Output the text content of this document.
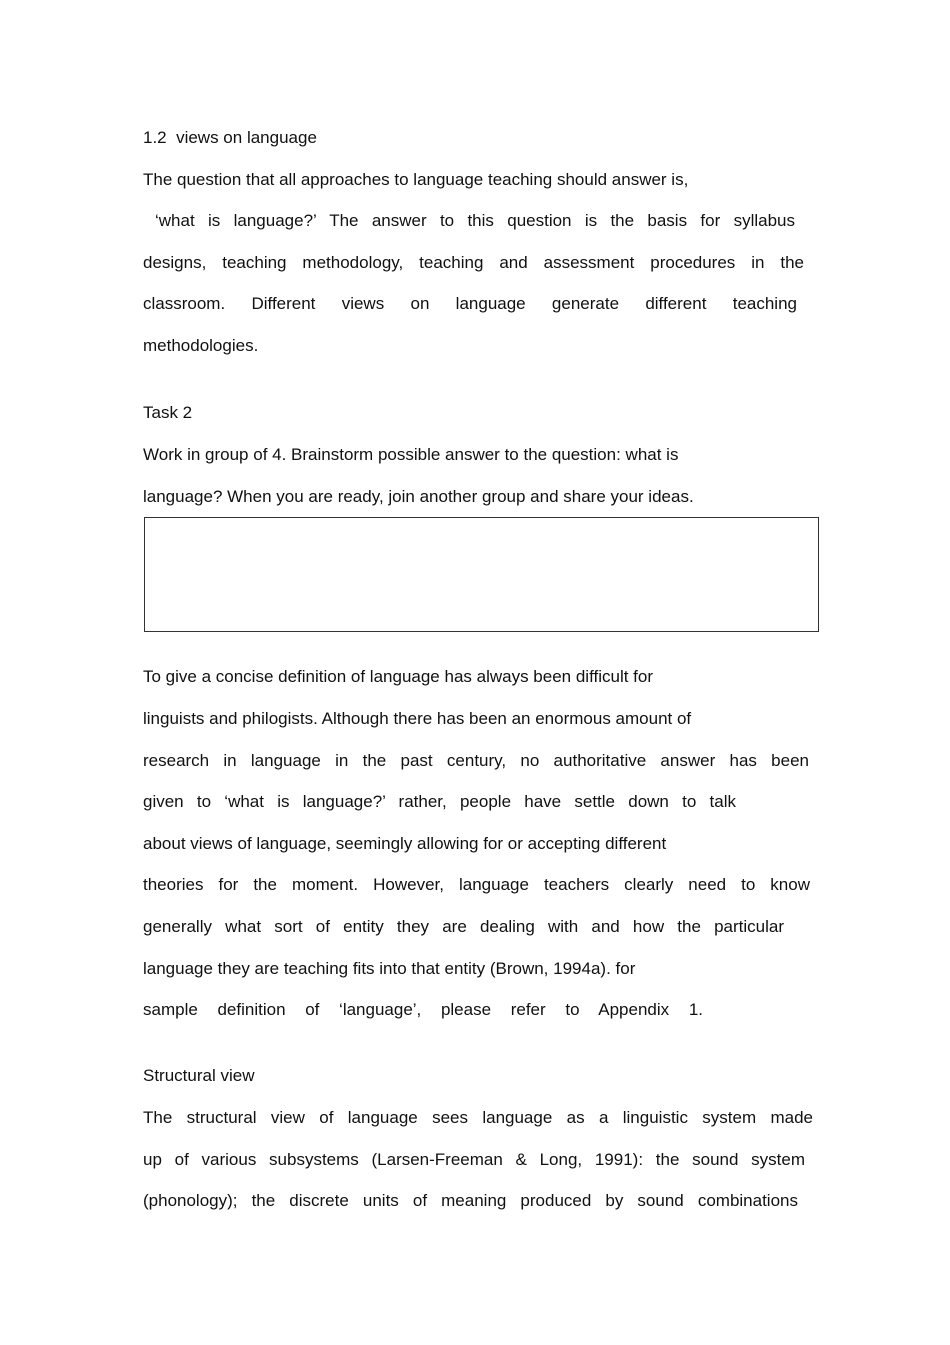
1.2  views on language
The question that all approaches to language teaching should answer is,
‘what is language?’ The answer to this question is the basis for syllabus
designs, teaching methodology, teaching and assessment procedures in the
classroom. Different views on language generate different teaching
methodologies.
Task 2
Work in group of 4. Brainstorm possible answer to the question: what is
language? When you are ready, join another group and share your ideas.
To give a concise definition of language has always been difficult for
linguists and philogists. Although there has been an enormous amount of
research in language in the past century, no authoritative answer has been
given to ‘what is language?’ rather, people have settle down to talk
about views of language, seemingly allowing for or accepting different
theories for the moment. However, language teachers clearly need to know
generally what sort of entity they are dealing with and how the particular
language they are teaching fits into that entity (Brown, 1994a). for
sample definition of ‘language’, please refer to Appendix 1.
Structural view
The structural view of language sees language as a linguistic system made
up of various subsystems (Larsen-Freeman & Long, 1991): the sound system
(phonology); the discrete units of meaning produced by sound combinations
